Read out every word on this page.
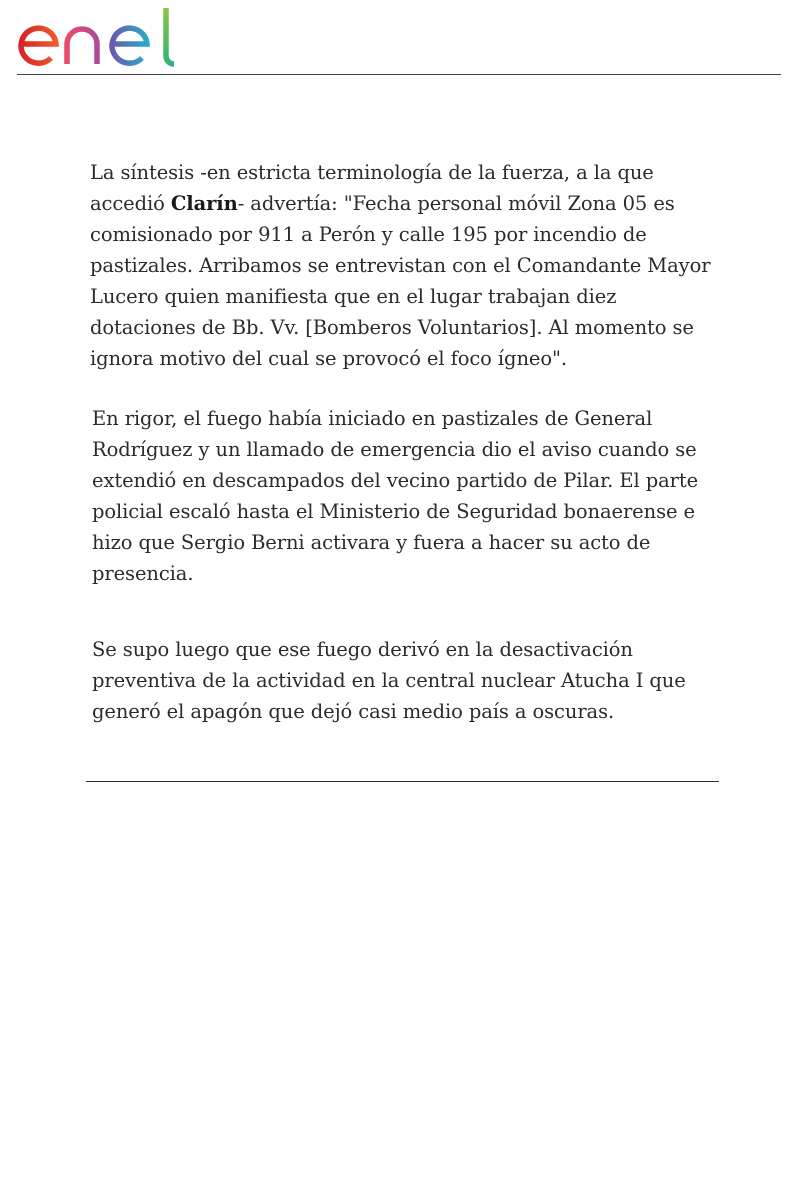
La síntesis -en estricta terminología de la fuerza, a la que accedió Clarín- advertía: "Fecha personal móvil Zona 05 es comisionado por 911 a Perón y calle 195 por incendio de pastizales. Arribamos se entrevistan con el Comandante Mayor Lucero quien manifiesta que en el lugar trabajan diez dotaciones de Bb. Vv. [Bomberos Voluntarios]. Al momento se ignora motivo del cual se provocó el foco ígneo".

En rigor, el fuego había iniciado en pastizales de General Rodríguez y un llamado de emergencia dio el aviso cuando se extendió en descampados del vecino partido de Pilar. El parte policial escaló hasta el Ministerio de Seguridad bonaerense e hizo que Sergio Berni activara y fuera a hacer su acto de presencia.

Se supo luego que ese fuego derivó en la desactivación preventiva de la actividad en la central nuclear Atucha I que generó el apagón que dejó casi medio país a oscuras.
